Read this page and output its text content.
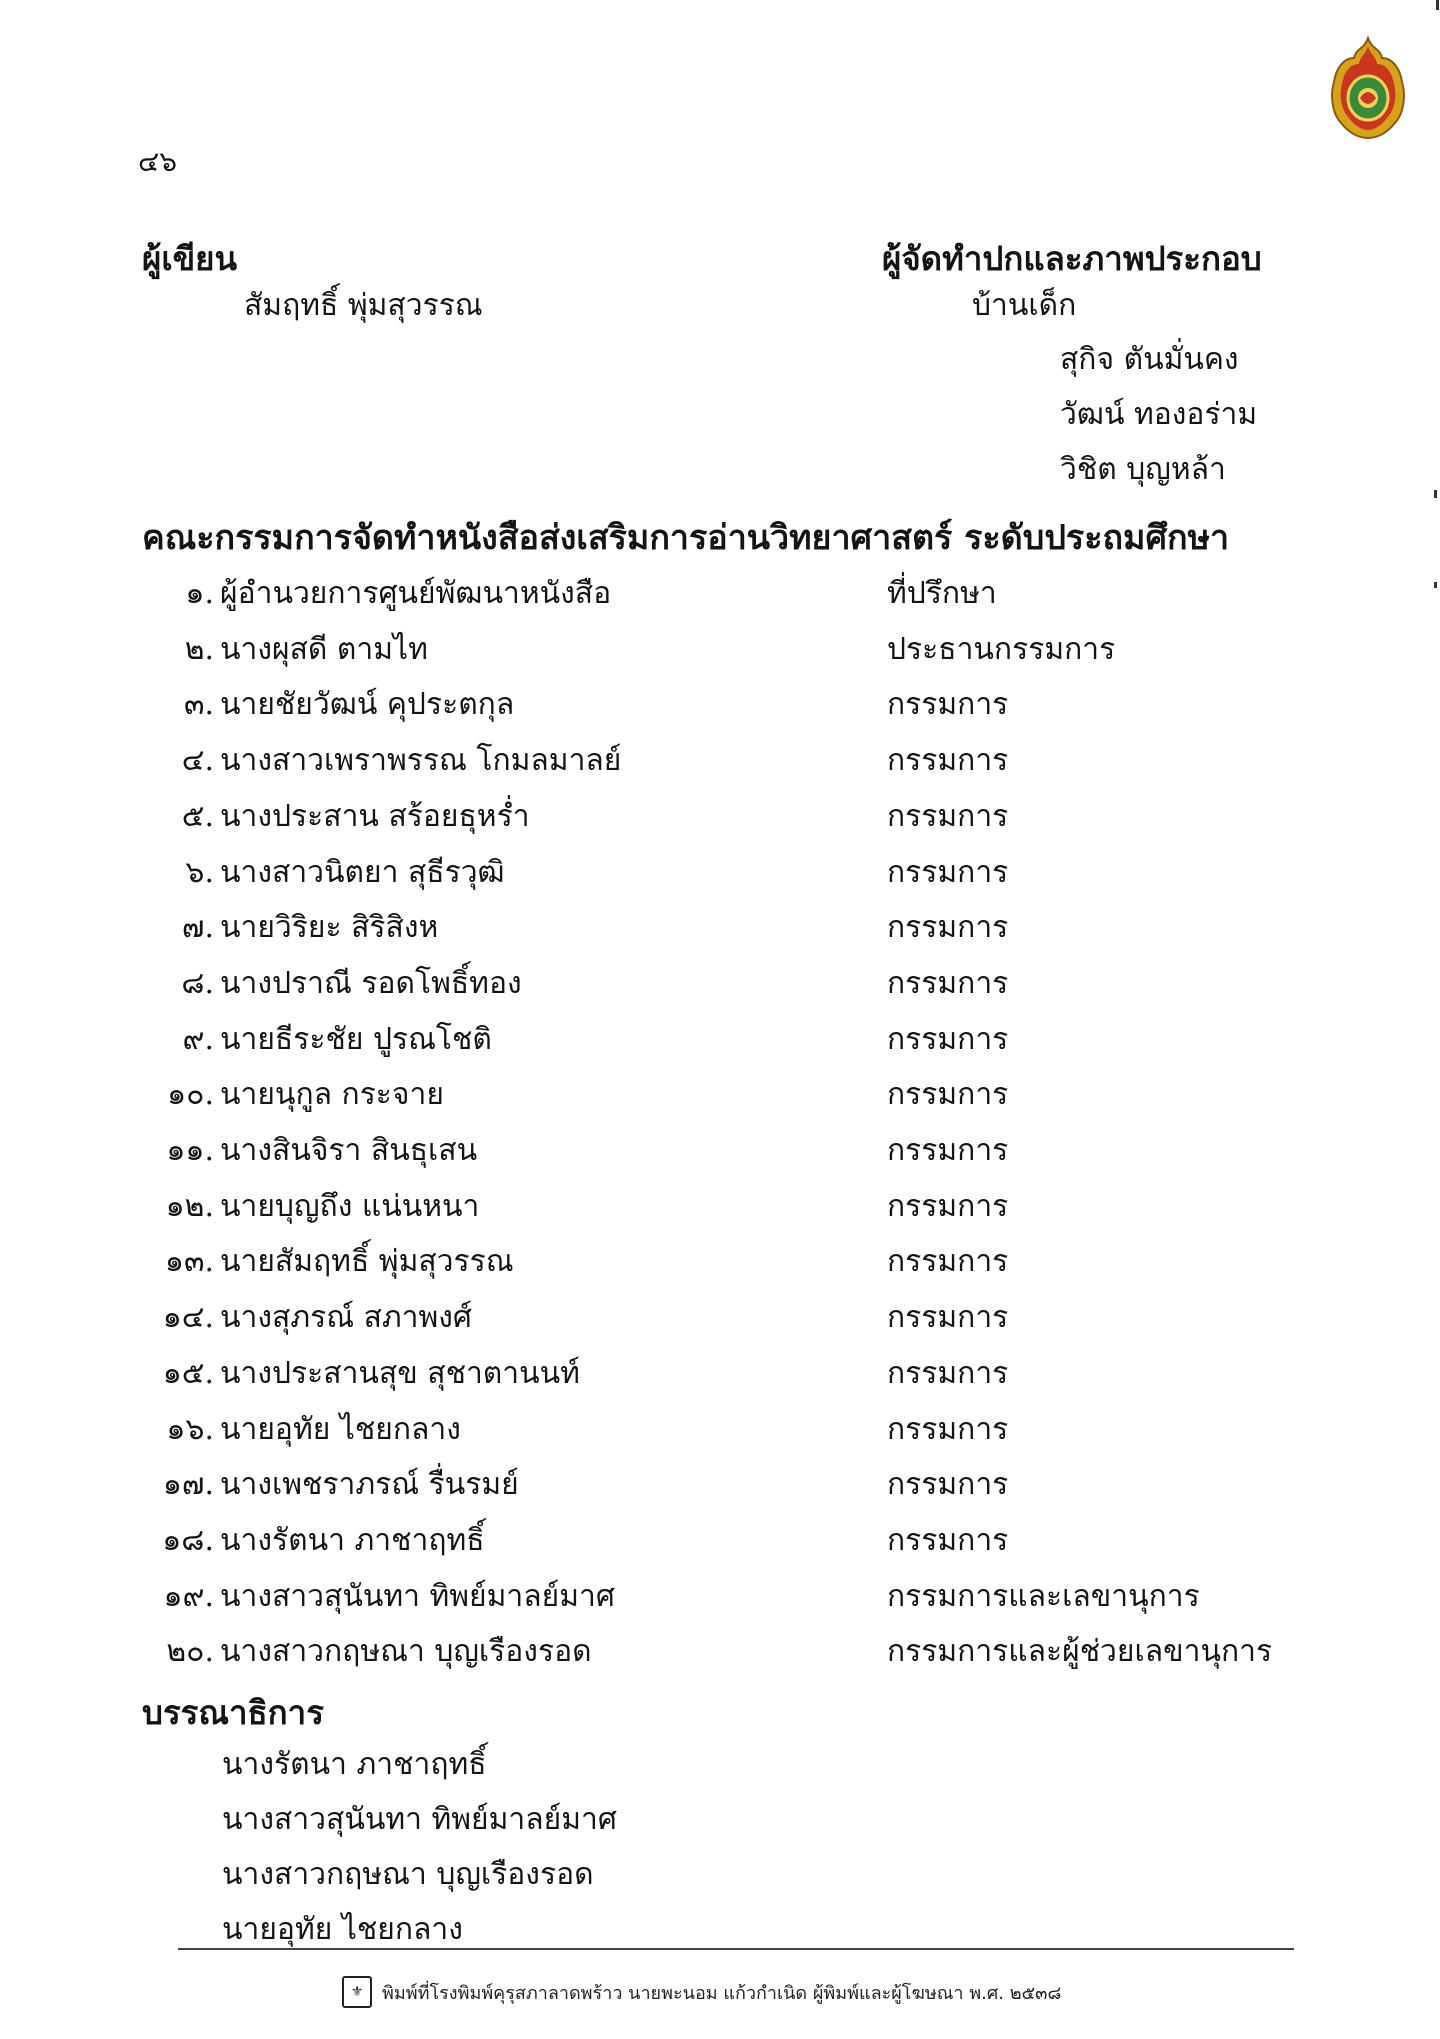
๔๖
ผู้เขียน
สัมฤทธิ์ พุ่มสุวรรณ
ผู้จัดทำปกและภาพประกอบ
บ้านเด็ก
สุกิจ ตันมั่นคง
วัฒน์ ทองอร่าม
วิชิต บุญหล้า
คณะกรรมการจัดทำหนังสือส่งเสริมการอ่านวิทยาศาสตร์ ระดับประถมศึกษา
๑. ผู้อำนวยการศูนย์พัฒนาหนังสือ	ที่ปรึกษา
๒. นางผุสดี ตามไท	ประธานกรรมการ
๓. นายชัยวัฒน์ คุประตกุล	กรรมการ
๔. นางสาวเพราพรรณ โกมลมาลย์	กรรมการ
๕. นางประสาน สร้อยธุหร่ำ	กรรมการ
๖. นางสาวนิตยา สุธีรวุฒิ	กรรมการ
๗. นายวิริยะ สิริสิงห	กรรมการ
๘. นางปราณี รอดโพธิ์ทอง	กรรมการ
๙. นายธีระชัย ปูรณโชติ	กรรมการ
๑๐. นายนุกูล กระจาย	กรรมการ
๑๑. นางสินจิรา สินธุเสน	กรรมการ
๑๒. นายบุญถึง แน่นหนา	กรรมการ
๑๓. นายสัมฤทธิ์ พุ่มสุวรรณ	กรรมการ
๑๔. นางสุภรณ์ สภาพงศ์	กรรมการ
๑๕. นางประสานสุข สุชาตานนท์	กรรมการ
๑๖. นายอุทัย ไชยกลาง	กรรมการ
๑๗. นางเพชราภรณ์ รื่นรมย์	กรรมการ
๑๘. นางรัตนา ภาชาฤทธิ์	กรรมการ
๑๙. นางสาวสุนันทา ทิพย์มาลย์มาศ	กรรมการและเลขานุการ
๒๐. นางสาวกฤษณา บุญเรืองรอด	กรรมการและผู้ช่วยเลขานุการ
บรรณาธิการ
นางรัตนา ภาชาฤทธิ์
นางสาวสุนันทา ทิพย์มาลย์มาศ
นางสาวกฤษณา บุญเรืองรอด
นายอุทัย ไชยกลาง
⚜	พิมพ์ที่โรงพิมพ์คุรุสภาลาดพร้าว นายพะนอม แก้วกำเนิด ผู้พิมพ์และผู้โฆษณา พ.ศ. ๒๕๓๘
